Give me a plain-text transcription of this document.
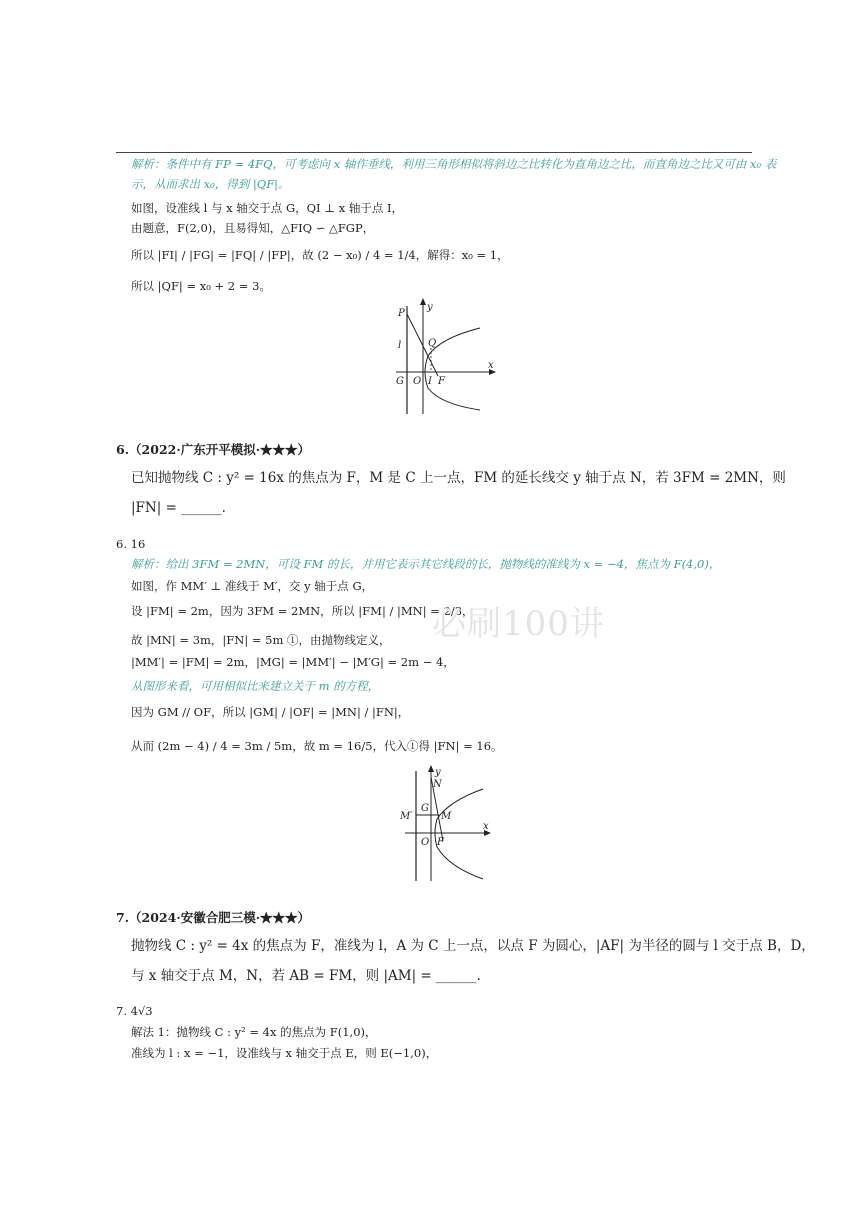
解析：条件中有 FP = 4FQ，可考虑向 x 轴作垂线，利用三角形相似将斜边之比转化为直角边之比，而直角边之比又可由 x₀ 表
示，从而求出 x₀，得到 |QF|。
如图，设准线 l 与 x 轴交于点 G，QI ⊥ x 轴于点 I，
由题意，F(2,0)，且易得知，△FIQ ∽ △FGP，
所以 |FI| / |FG| = |FQ| / |FP|，故 (2 − x₀) / 4 = 1/4，解得：x₀ = 1，
所以 |QF| = x₀ + 2 = 3。
6.（2022·广东开平模拟·★★★）
已知抛物线 C : y² = 16x 的焦点为 F，M 是 C 上一点，FM 的延长线交 y 轴于点 N，若 3FM = 2MN，则
|FN| = ______.
6. 16
解析：给出 3FM = 2MN，可设 FM 的长，并用它表示其它线段的长，抛物线的准线为 x = −4，焦点为 F(4,0)，
如图，作 MM′ ⊥ 准线于 M′，交 y 轴于点 G，
设 |FM| = 2m，因为 3FM = 2MN，所以 |FM| / |MN| = 2/3，
故 |MN| = 3m，|FN| = 5m ①，由抛物线定义，
|MM′| = |FM| = 2m，|MG| = |MM′| − |M′G| = 2m − 4，
从图形来看，可用相似比来建立关于 m 的方程，
因为 GM // OF，所以 |GM| / |OF| = |MN| / |FN|，
从而 (2m − 4) / 4 = 3m / 5m，故 m = 16/5，代入①得 |FN| = 16。
7.（2024·安徽合肥三模·★★★）
抛物线 C : y² = 4x 的焦点为 F，准线为 l，A 为 C 上一点，以点 F 为圆心，|AF| 为半径的圆与 l 交于点 B，D，
与 x 轴交于点 M，N，若 AB = FM，则 |AM| = ______.
7. 4√3
解法 1：抛物线 C : y² = 4x 的焦点为 F(1,0)，
准线为 l : x = −1，设准线与 x 轴交于点 E，则 E(−1,0)，
必刷100讲
P
y
l	Q
G O I F
x
y
N
M′
G
M
O F
x
